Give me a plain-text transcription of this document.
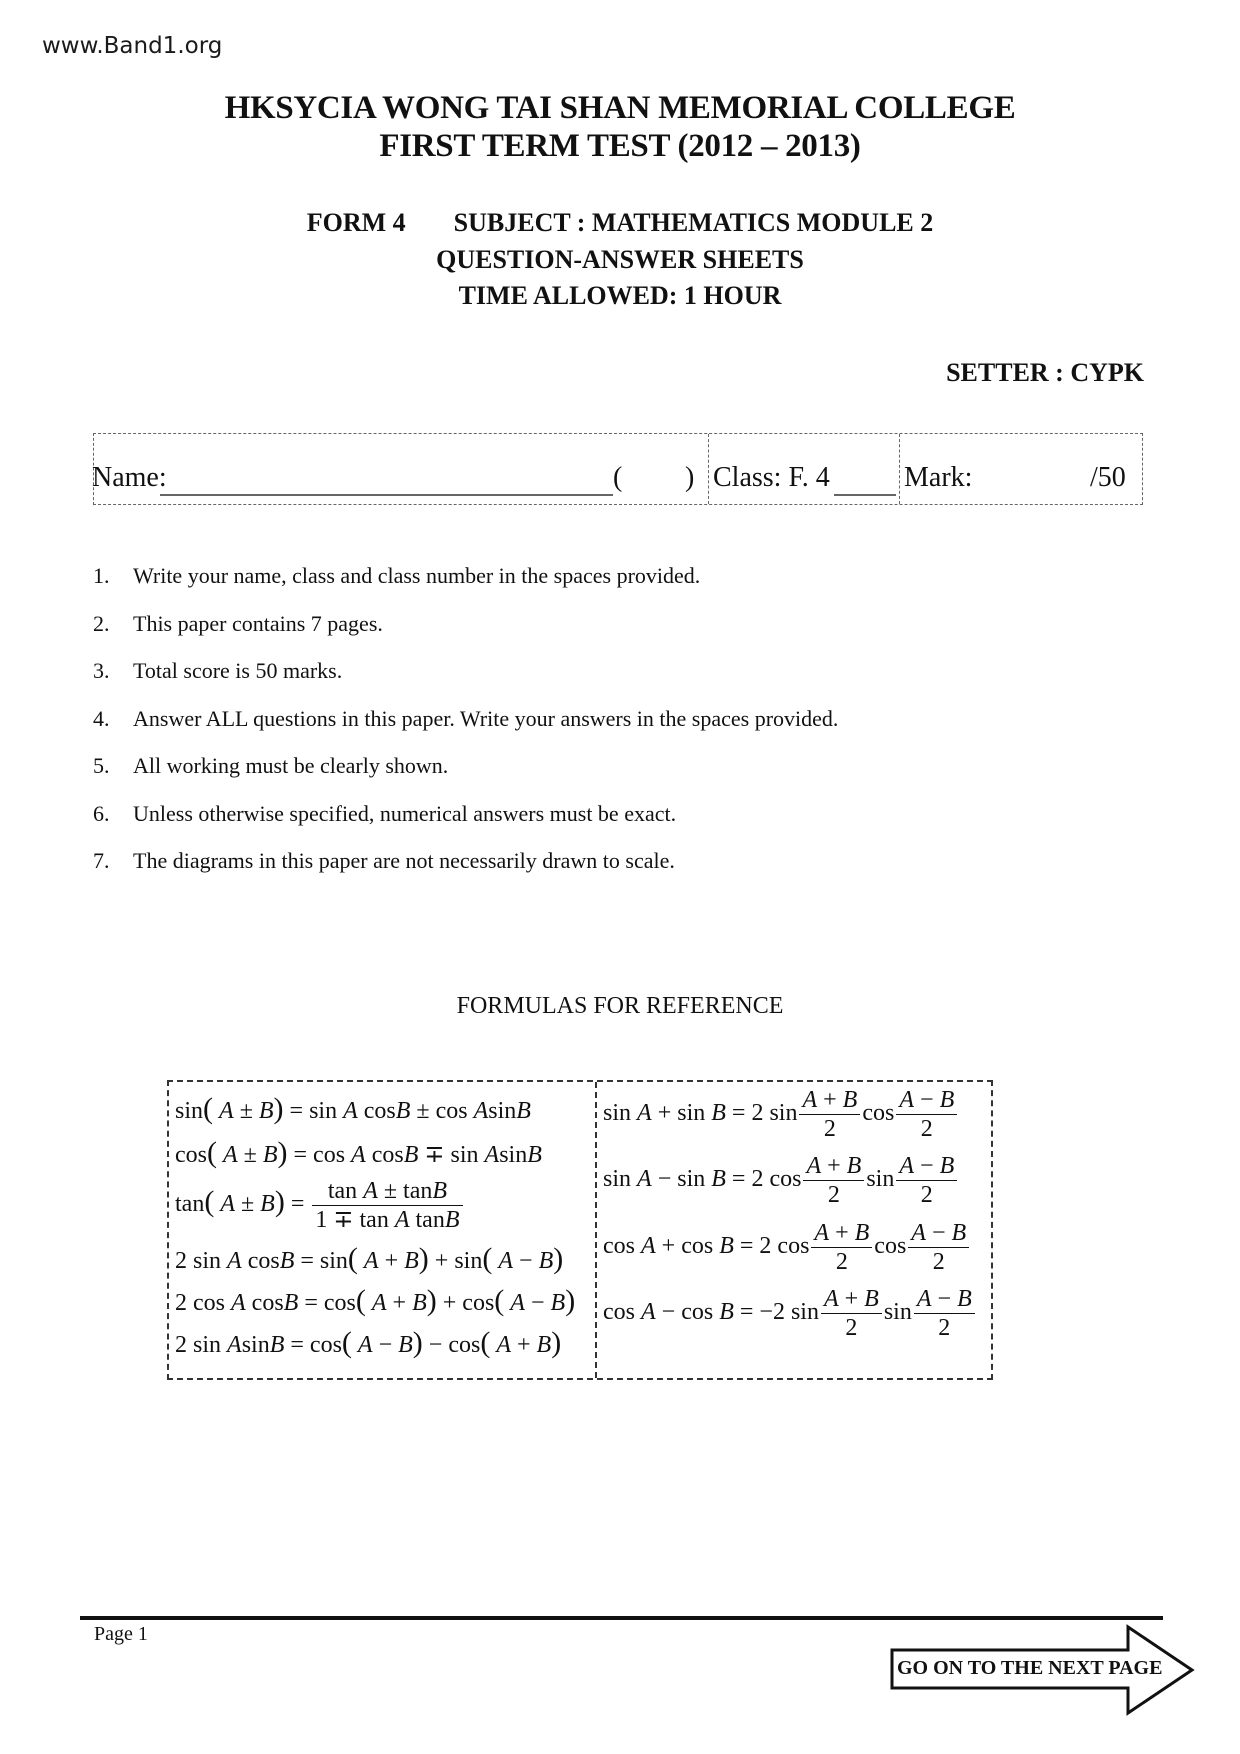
www.Band1.org
HKSYCIA WONG TAI SHAN MEMORIAL COLLEGE
FIRST TERM TEST (2012 – 2013)
FORM 4 SUBJECT : MATHEMATICS MODULE 2
QUESTION-ANSWER SHEETS
TIME ALLOWED: 1 HOUR
SETTER : CYPK
Name:	( ) Class: F. 4	Mark:	/50
1. Write your name, class and class number in the spaces provided.
2. This paper contains 7 pages.
3. Total score is 50 marks.
4. Answer ALL questions in this paper. Write your answers in the spaces provided.
5. All working must be clearly shown.
6. Unless otherwise specified, numerical answers must be exact.
7. The diagrams in this paper are not necessarily drawn to scale.
FORMULAS FOR REFERENCE
sin( A ± B) = sin A cosB ± cos AsinB
cos( A ± B) = cos A cosB ∓ sin AsinB
tan( $A \pm B) = \frac{\text{tan A ± tanB}}{\text{1 ∓ tan A tanB}}$
2 sin A cosB = sin( A + B) + sin( A − B)
2 cos A cosB = cos( A + B) + cos( A − B)
2 sin AsinB = cos( A − B) − cos( A + B)
sin A + sin B = 2 $\sin \frac{A + B}{2}$ $\cos \frac{A - B}{2}$
sin A − sin B = 2 $\cos \frac{A + B}{2}$ $\sin \frac{A - B}{2}$
cos A + cos B = 2 $\cos \frac{A + B}{2}$ $\cos \frac{A - B}{2}$
cos A − cos B = −2 $\sin \frac{A + B}{2}$ $\sin \frac{A - B}{2}$
Page 1
GO ON TO THE NEXT PAGE
